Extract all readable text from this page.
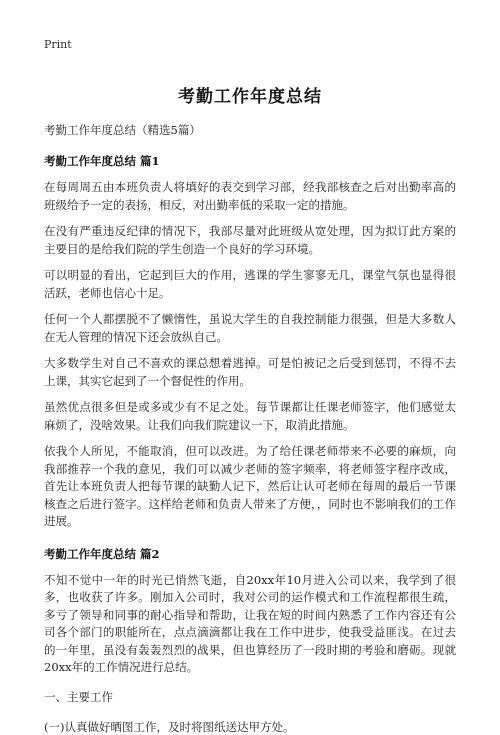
Print
考勤工作年度总结
考勤工作年度总结（精选5篇）
考勤工作年度总结 篇1

在每周周五由本班负责人将填好的表交到学习部，经我部核查之后对出勤率高的班级给予一定的表扬，相反，对出勤率低的采取一定的措施。

在没有严重违反纪律的情况下，我部尽量对此班级从宽处理，因为拟订此方案的主要目的是给我们院的学生创造一个良好的学习环境。

可以明显的看出，它起到巨大的作用，逃课的学生寥寥无几，课堂气氛也显得很活跃，老师也信心十足。

任何一个人都摆脱不了懒惰性，虽说大学生的自我控制能力很强，但是大多数人在无人管理的情况下还会放纵自己。

大多数学生对自己不喜欢的课总想着逃掉。可是怕被记之后受到惩罚，不得不去上课，其实它起到了一个督促性的作用。

虽然优点很多但是或多或少有不足之处。每节课都让任课老师签字，他们感觉太麻烦了，没啥效果。让我们向我们院建议一下，取消此措施。

依我个人所见，不能取消，但可以改进。为了给任课老师带来不必要的麻烦，向我部推荐一个我的意见，我们可以减少老师的签字频率，将老师签字程序改成，首先让本班负责人把每节课的缺勤人记下，然后让认可老师在每周的最后一节课核查之后进行签字。这样给老师和负责人带来了方便，，同时也不影响我们的工作进展。

考勤工作年度总结 篇2

不知不觉中一年的时光已悄然飞逝，自20xx年10月进入公司以来，我学到了很多，也收获了许多。刚加入公司时，我对公司的运作模式和工作流程都很生疏，多亏了领导和同事的耐心指导和帮助，让我在短的时间内熟悉了工作内容还有公司各个部门的职能所在，点点滴滴都让我在工作中进步，使我受益匪浅。在过去的一年里，虽没有轰轰烈烈的战果，但也算经历了一段时期的考验和磨砺。现就20xx年的工作情况进行总结。

一、主要工作
(一)认真做好晒图工作，及时将图纸送达甲方处。
